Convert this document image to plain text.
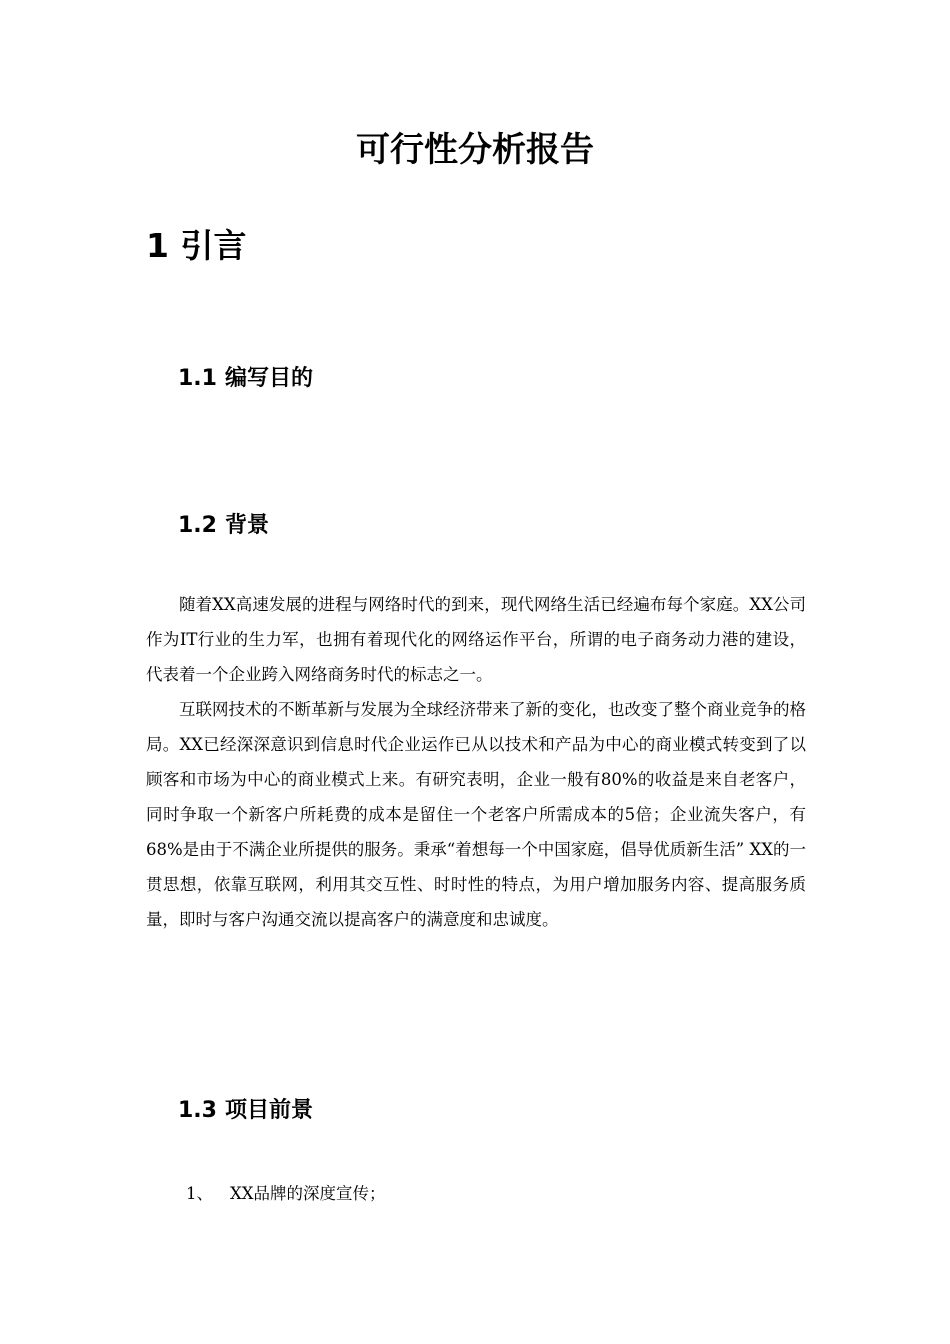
可行性分析报告
1 引言
1.1 编写目的
1.2 背景

随着XX高速发展的进程与网络时代的到来，现代网络生活已经遍布每个家庭。XX公司作为IT行业的生力军，也拥有着现代化的网络运作平台，所谓的电子商务动力港的建设，代表着一个企业跨入网络商务时代的标志之一。

互联网技术的不断革新与发展为全球经济带来了新的变化，也改变了整个商业竞争的格局。XX已经深深意识到信息时代企业运作已从以技术和产品为中心的商业模式转变到了以顾客和市场为中心的商业模式上来。有研究表明，企业一般有80%的收益是来自老客户，同时争取一个新客户所耗费的成本是留住一个老客户所需成本的5倍；企业流失客户，有68%是由于不满企业所提供的服务。秉承“着想每一个中国家庭，倡导优质新生活” XX的一贯思想，依靠互联网，利用其交互性、时时性的特点，为用户增加服务内容、提高服务质量，即时与客户沟通交流以提高客户的满意度和忠诚度。

1.3 项目前景
1、 XX品牌的深度宣传；
